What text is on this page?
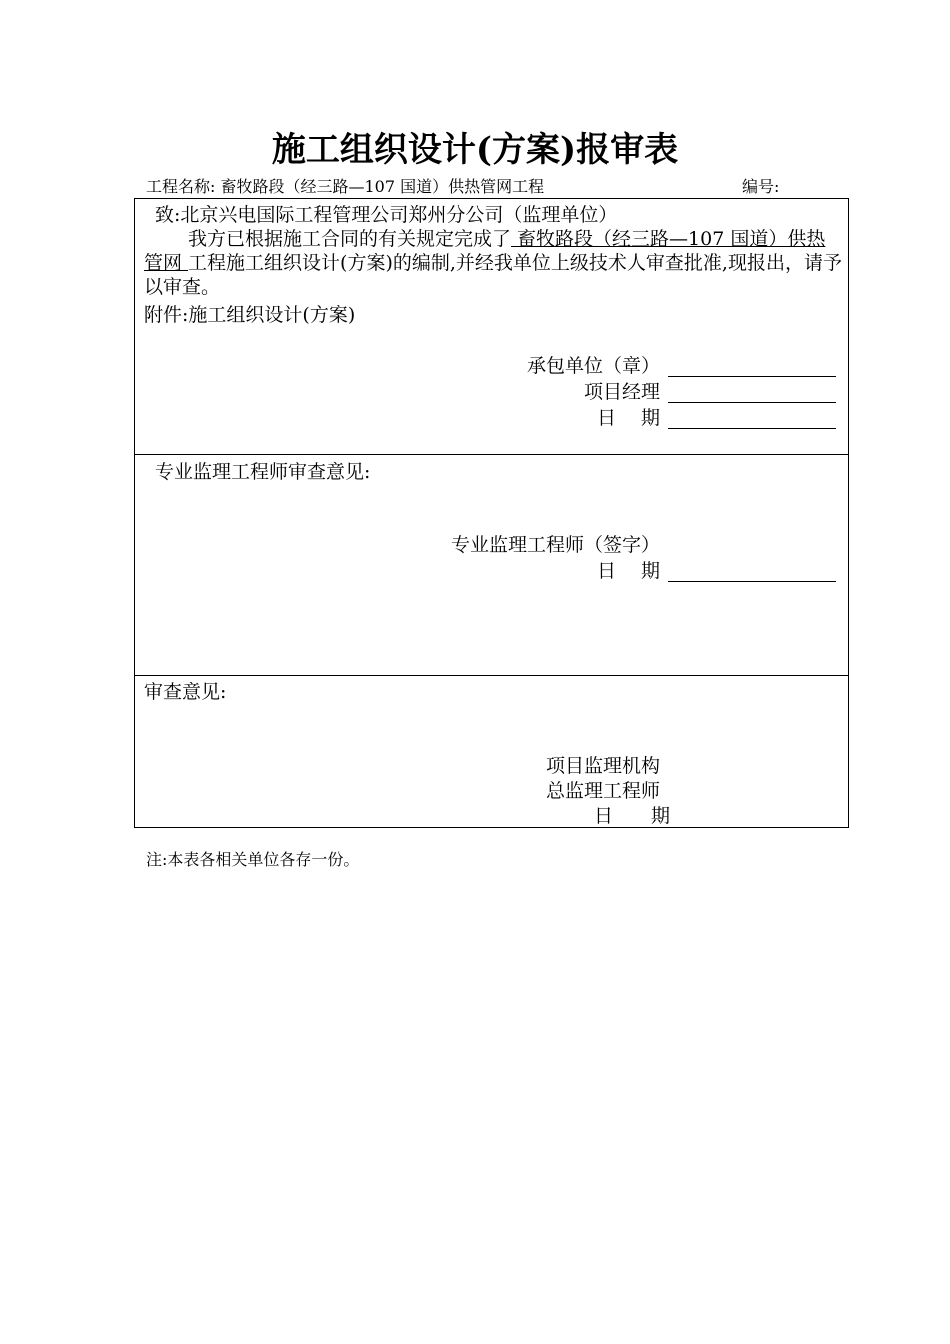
施工组织设计(方案)报审表
工程名称: 畜牧路段（经三路—107 国道）供热管网工程	编号:
致:北京兴电国际工程管理公司郑州分公司（监理单位）
我方已根据施工合同的有关规定完成了 畜牧路段（经三路—107 国道）供热管网 工程施工组织设计(方案)的编制,并经我单位上级技术人审查批准,现报出，请予以审查。
附件:施工组织设计(方案)
承包单位（章）
项目经理
日　 期
专业监理工程师审查意见:
专业监理工程师（签字）
日　 期
审查意见:
项目监理机构
总监理工程师
日　　期
注:本表各相关单位各存一份。
